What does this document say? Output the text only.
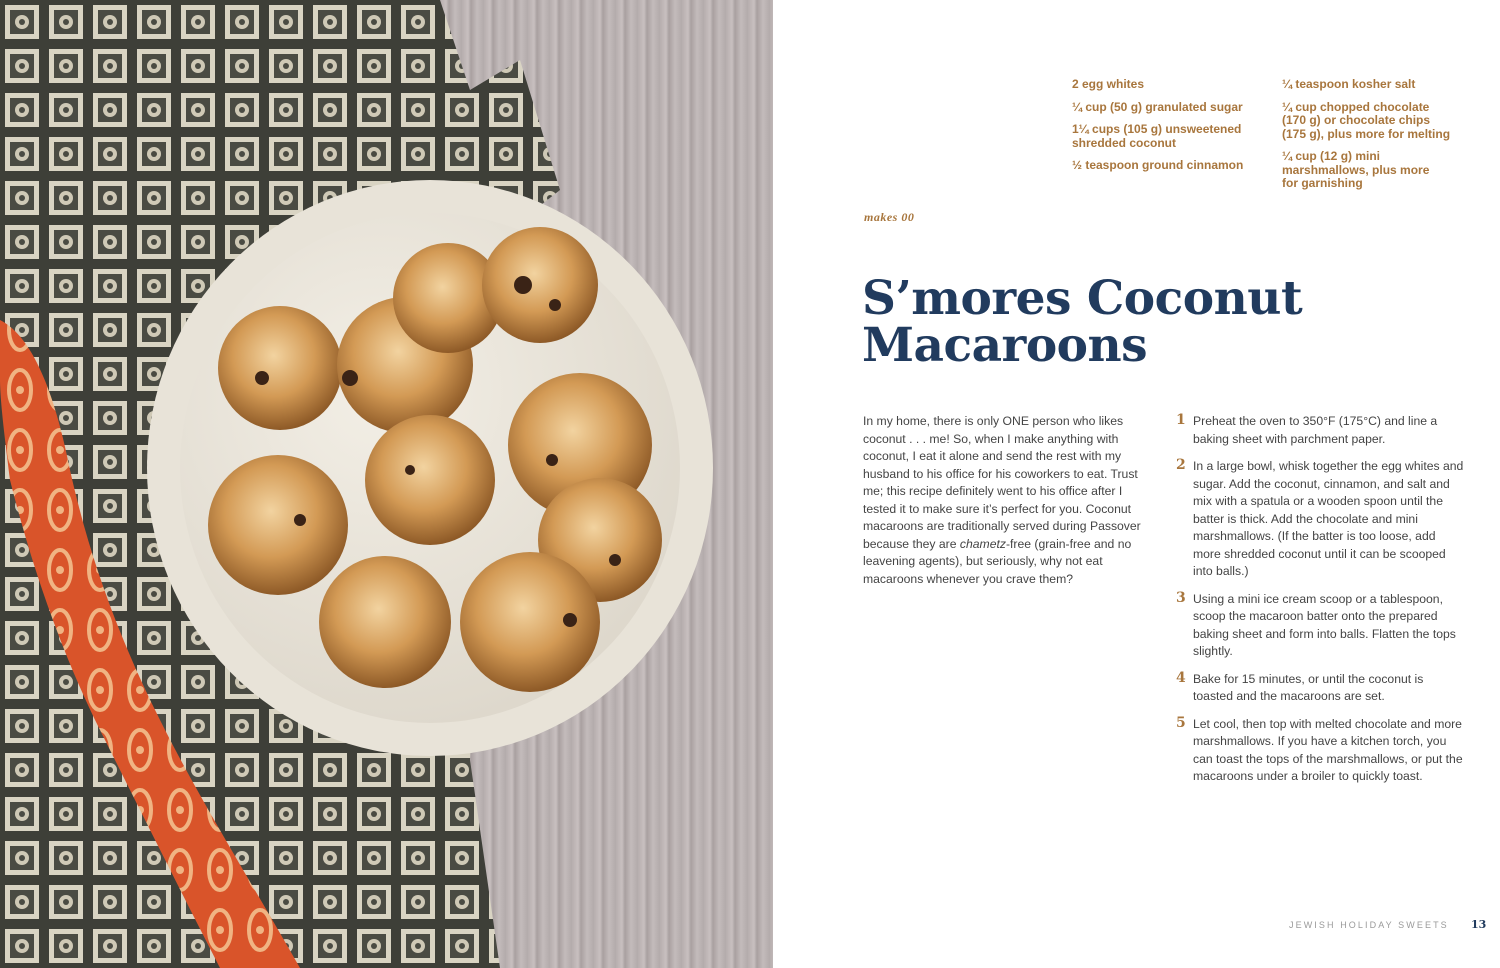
2 egg whites

¼ cup (50 g) granulated sugar

1¼ cups (105 g) unsweetened
shredded coconut

½ teaspoon ground cinnamon

¼ teaspoon kosher salt

¼ cup chopped chocolate
(170 g) or chocolate chips
(175 g), plus more for melting

¼ cup (12 g) mini
marshmallows, plus more
for garnishing

makes 00
S’mores Coconut
Macaroons

In my home, there is only ONE person who likes coconut . . . me! So, when I make anything with coconut, I eat it alone and send the rest with my husband to his office for his coworkers to eat. Trust me; this recipe definitely went to his office after I tested it to make sure it’s perfect for you. Coconut macaroons are traditionally served during Passover because they are chametz-free (grain-free and no leavening agents), but seriously, why not eat macaroons whenever you crave them?

1 Preheat the oven to 350°F (175°C) and line a baking sheet with parchment paper.
2 In a large bowl, whisk together the egg whites and sugar. Add the coconut, cinnamon, and salt and mix with a spatula or a wooden spoon until the batter is thick. Add the chocolate and mini marshmallows. (If the batter is too loose, add more shredded coconut until it can be scooped into balls.)
3 Using a mini ice cream scoop or a tablespoon, scoop the macaroon batter onto the prepared baking sheet and form into balls. Flatten the tops slightly.
4 Bake for 15 minutes, or until the coconut is toasted and the macaroons are set.
5 Let cool, then top with melted chocolate and more marshmallows. If you have a kitchen torch, you can toast the tops of the marshmallows, or put the macaroons under a broiler to quickly toast.
JEWISH HOLIDAY SWEETS 13
